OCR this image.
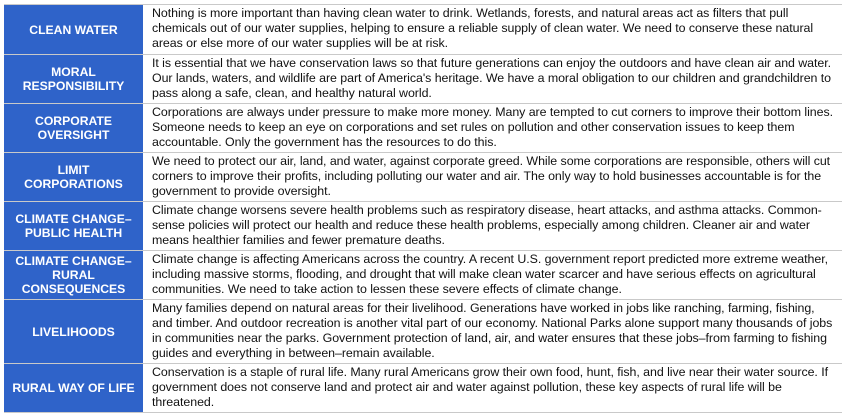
CLEAN WATER
Nothing is more important than having clean water to drink. Wetlands, forests, and natural areas act as filters that pull chemicals out of our water supplies, helping to ensure a reliable supply of clean water. We need to conserve these natural areas or else more of our water supplies will be at risk.
MORAL RESPONSIBILITY
It is essential that we have conservation laws so that future generations can enjoy the outdoors and have clean air and water. Our lands, waters, and wildlife are part of America's heritage. We have a moral obligation to our children and grandchildren to pass along a safe, clean, and healthy natural world.
CORPORATE OVERSIGHT
Corporations are always under pressure to make more money. Many are tempted to cut corners to improve their bottom lines. Someone needs to keep an eye on corporations and set rules on pollution and other conservation issues to keep them accountable. Only the government has the resources to do this.
LIMIT CORPORATIONS
We need to protect our air, land, and water, against corporate greed. While some corporations are responsible, others will cut corners to improve their profits, including polluting our water and air. The only way to hold businesses accountable is for the government to provide oversight.
CLIMATE CHANGE– PUBLIC HEALTH
Climate change worsens severe health problems such as respiratory disease, heart attacks, and asthma attacks. Common-sense policies will protect our health and reduce these health problems, especially among children. Cleaner air and water means healthier families and fewer premature deaths.
CLIMATE CHANGE– RURAL CONSEQUENCES
Climate change is affecting Americans across the country. A recent U.S. government report predicted more extreme weather, including massive storms, flooding, and drought that will make clean water scarcer and have serious effects on agricultural communities. We need to take action to lessen these severe effects of climate change.
LIVELIHOODS
Many families depend on natural areas for their livelihood. Generations have worked in jobs like ranching, farming, fishing, and timber. And outdoor recreation is another vital part of our economy. National Parks alone support many thousands of jobs in communities near the parks. Government protection of land, air, and water ensures that these jobs–from farming to fishing guides and everything in between–remain available.
RURAL WAY OF LIFE
Conservation is a staple of rural life. Many rural Americans grow their own food, hunt, fish, and live near their water source. If government does not conserve land and protect air and water against pollution, these key aspects of rural life will be threatened.
